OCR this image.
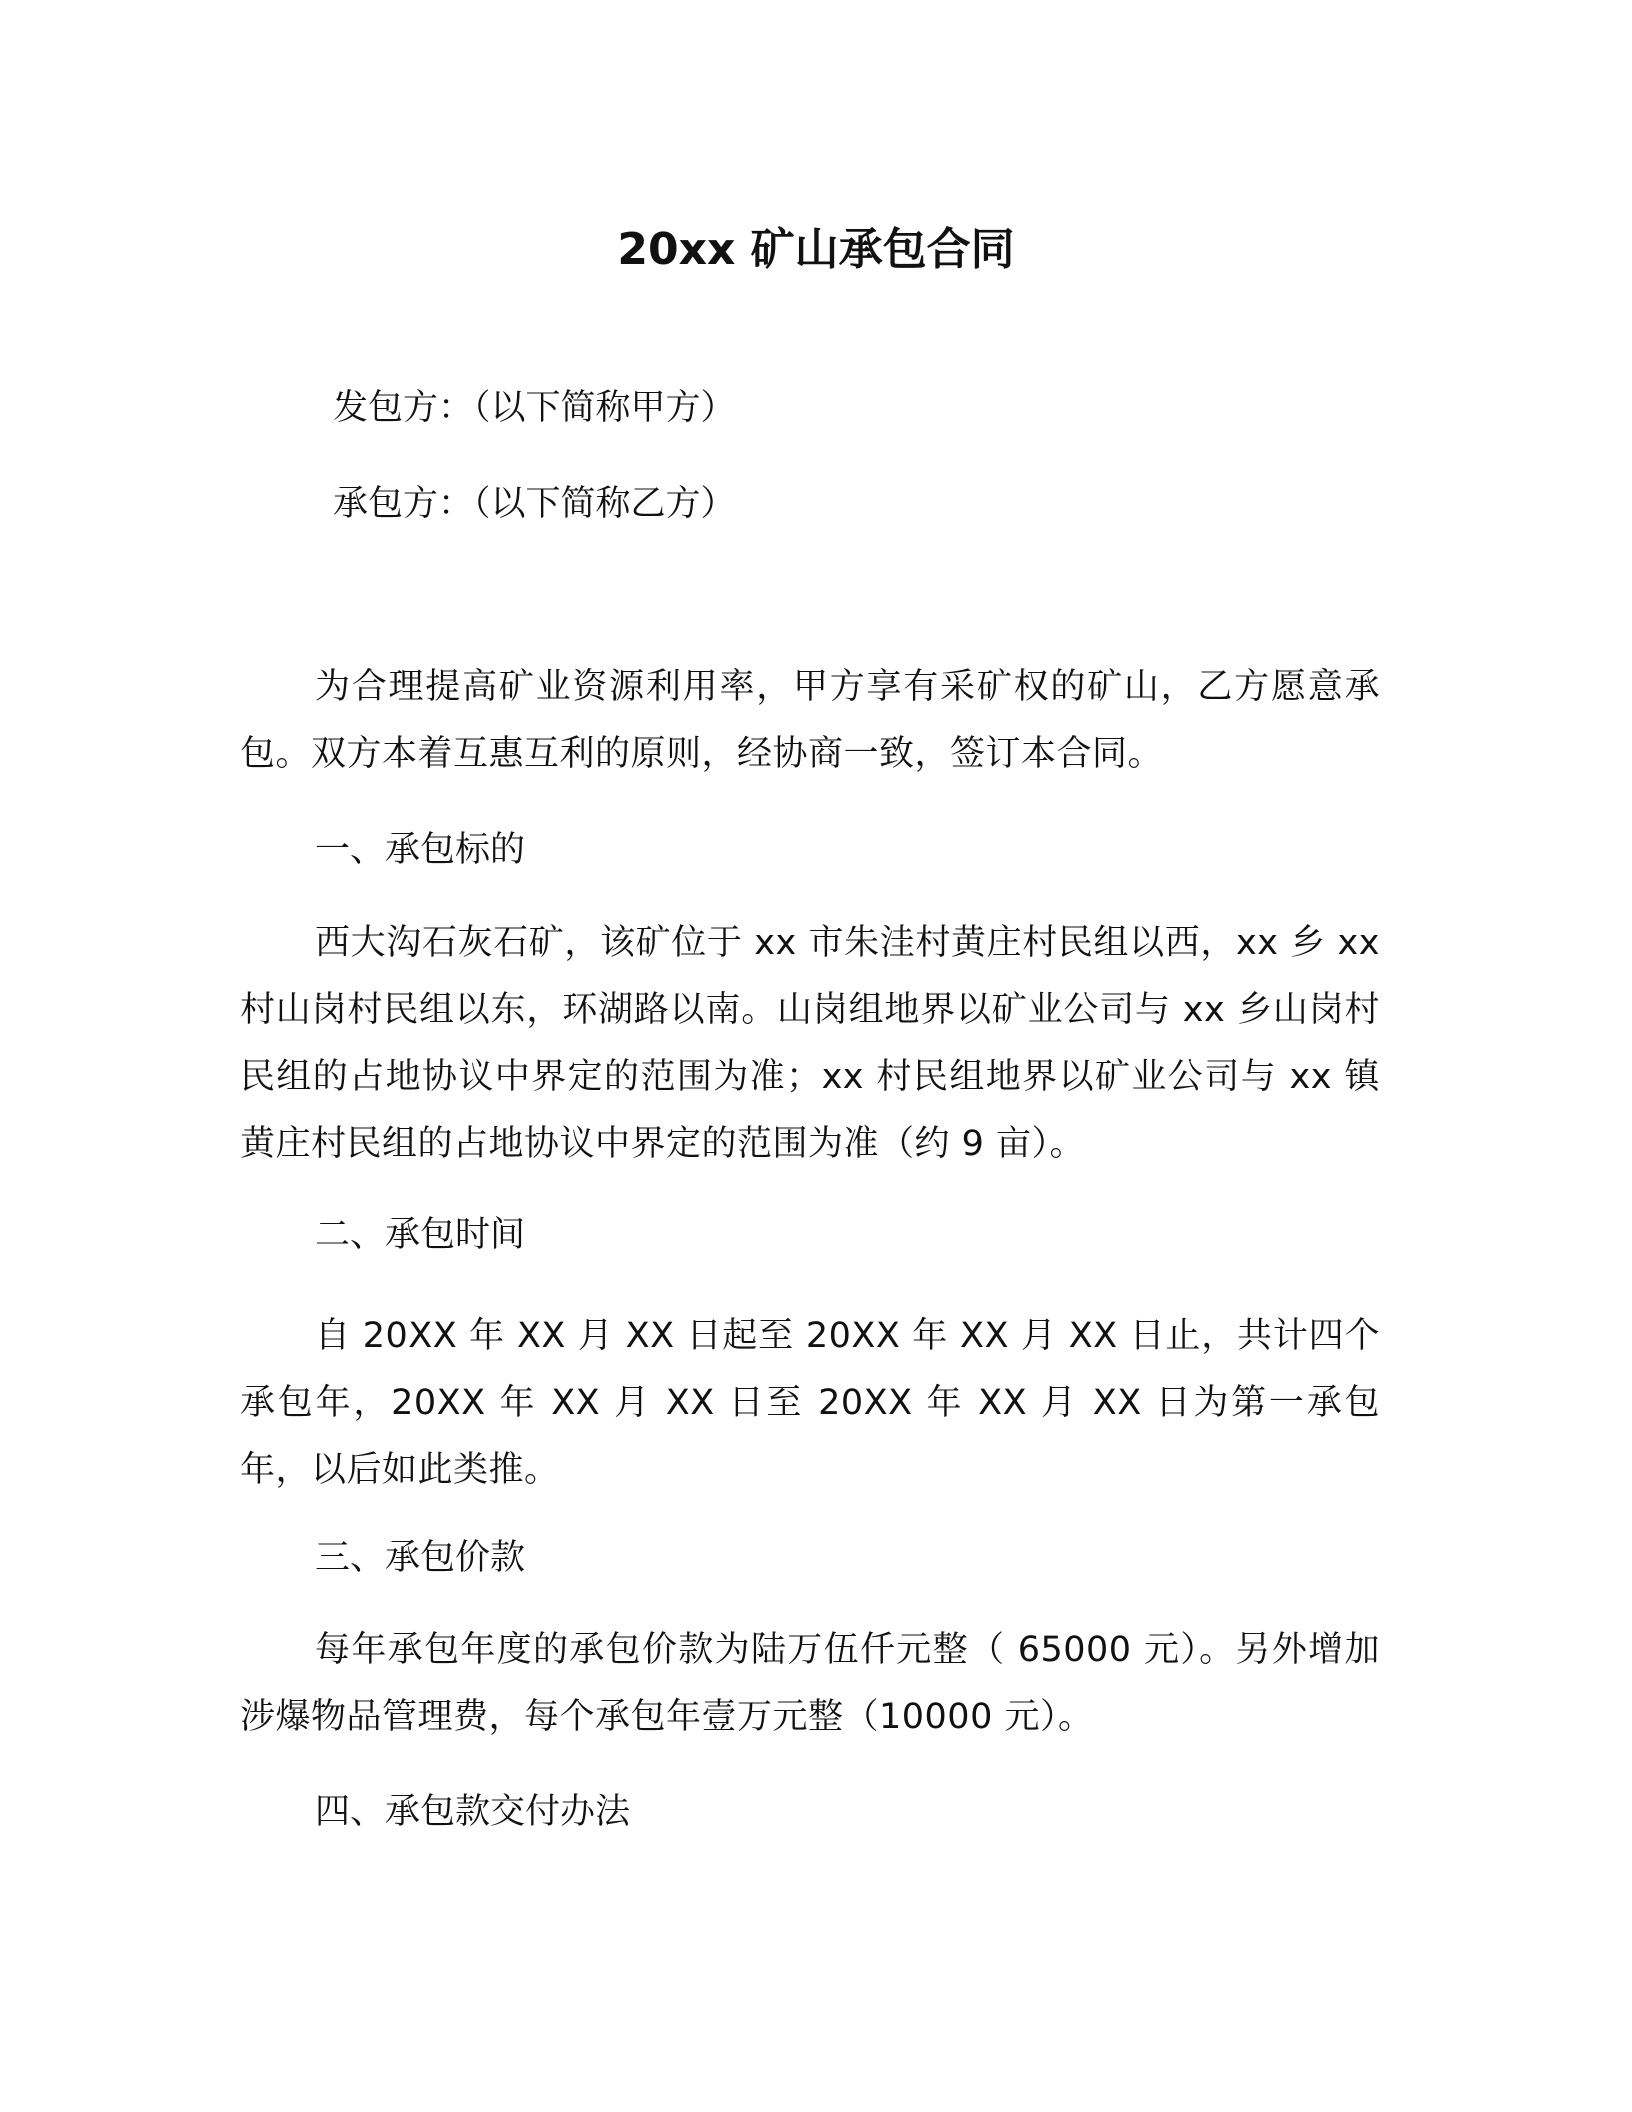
20xx 矿山承包合同

发包方：（以下简称甲方）

承包方：（以下简称乙方）

为合理提高矿业资源利用率，甲方享有采矿权的矿山，乙方愿意承包。双方本着互惠互利的原则，经协商一致，签订本合同。

一、承包标的

西大沟石灰石矿，该矿位于 xx 市朱洼村黄庄村民组以西，xx 乡 xx 村山岗村民组以东，环湖路以南。山岗组地界以矿业公司与 xx 乡山岗村民组的占地协议中界定的范围为准；xx 村民组地界以矿业公司与 xx 镇黄庄村民组的占地协议中界定的范围为准（约 9 亩）。

二、承包时间

自 20XX 年 XX 月 XX 日起至 20XX 年 XX 月 XX 日止，共计四个承包年，20XX 年 XX 月 XX 日至 20XX 年 XX 月 XX 日为第一承包年，以后如此类推。

三、承包价款

每年承包年度的承包价款为陆万伍仟元整（ 65000 元）。另外增加涉爆物品管理费，每个承包年壹万元整（10000 元）。

四、承包款交付办法
